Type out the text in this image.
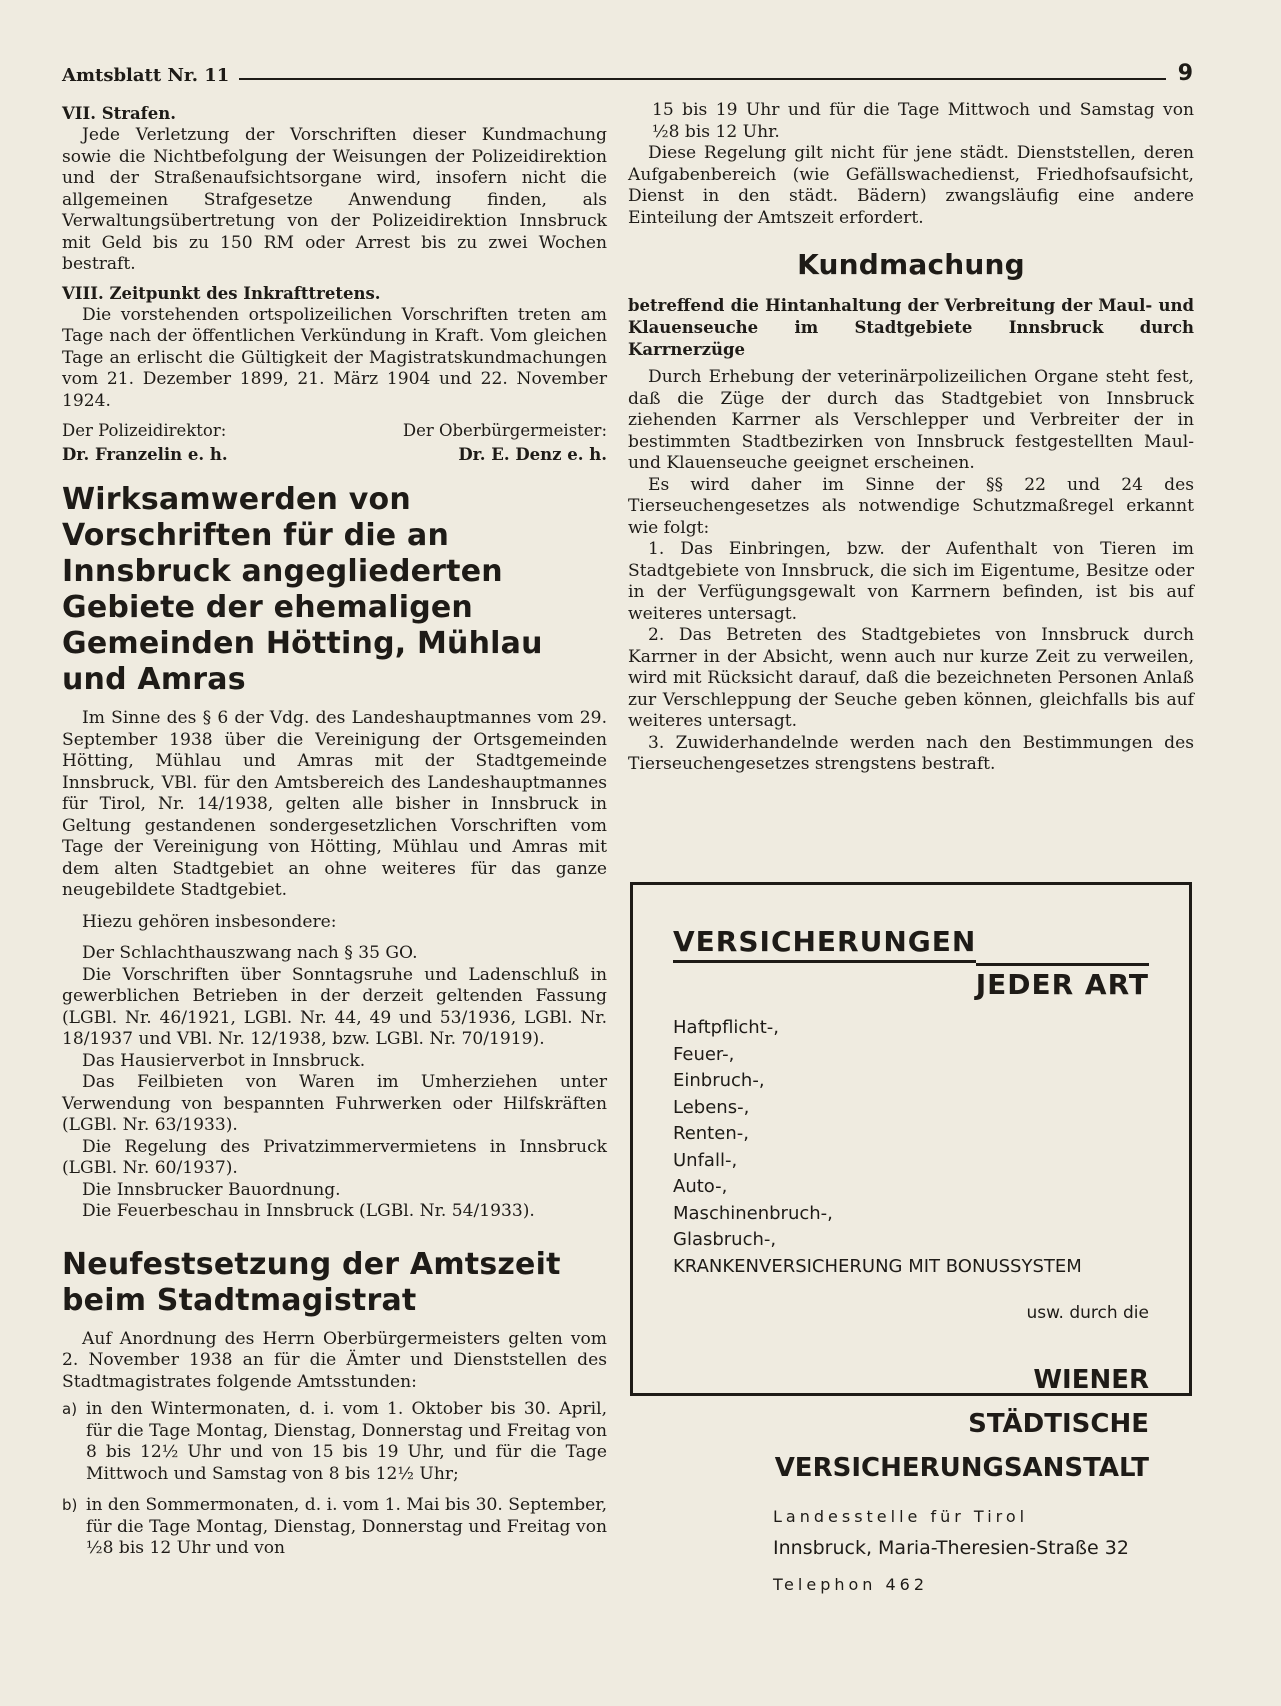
Amtsblatt Nr. 11	9
VII. Strafen.

Jede Verletzung der Vorschriften dieser Kundmachung sowie die Nichtbefolgung der Weisungen der Polizeidirektion und der Straßenaufsichtsorgane wird, insofern nicht die allgemeinen Strafgesetze Anwendung finden, als Verwaltungsübertretung von der Polizeidirektion Innsbruck mit Geld bis zu 150 RM oder Arrest bis zu zwei Wochen bestraft.

VIII. Zeitpunkt des Inkrafttretens.

Die vorstehenden ortspolizeilichen Vorschriften treten am Tage nach der öffentlichen Verkündung in Kraft. Vom gleichen Tage an erlischt die Gültigkeit der Magistratskundmachungen vom 21. Dezember 1899, 21. März 1904 und 22. November 1924.

Der Polizeidirektor:	Der Oberbürgermeister:
Dr. Franzelin e. h.	Dr. E. Denz e. h.
Wirksamwerden von Vorschriften für die an Innsbruck angegliederten Gebiete der ehemaligen Gemeinden Hötting, Mühlau und Amras

Im Sinne des § 6 der Vdg. des Landeshauptmannes vom 29. September 1938 über die Vereinigung der Ortsgemeinden Hötting, Mühlau und Amras mit der Stadtgemeinde Innsbruck, VBl. für den Amtsbereich des Landeshauptmannes für Tirol, Nr. 14/1938, gelten alle bisher in Innsbruck in Geltung gestandenen sondergesetzlichen Vorschriften vom Tage der Vereinigung von Hötting, Mühlau und Amras mit dem alten Stadtgebiet an ohne weiteres für das ganze neugebildete Stadtgebiet.

Hiezu gehören insbesondere:

Der Schlachthauszwang nach § 35 GO.
Die Vorschriften über Sonntagsruhe und Ladenschluß in gewerblichen Betrieben in der derzeit geltenden Fassung (LGBl. Nr. 46/1921, LGBl. Nr. 44, 49 und 53/1936, LGBl. Nr. 18/1937 und VBl. Nr. 12/1938, bzw. LGBl. Nr. 70/1919).
Das Hausierverbot in Innsbruck.
Das Feilbieten von Waren im Umherziehen unter Verwendung von bespannten Fuhrwerken oder Hilfskräften (LGBl. Nr. 63/1933).
Die Regelung des Privatzimmervermietens in Innsbruck (LGBl. Nr. 60/1937).
Die Innsbrucker Bauordnung.
Die Feuerbeschau in Innsbruck (LGBl. Nr. 54/1933).
Neufestsetzung der Amtszeit beim Stadtmagistrat

Auf Anordnung des Herrn Oberbürgermeisters gelten vom 2. November 1938 an für die Ämter und Dienststellen des Stadtmagistrates folgende Amtsstunden:

a) in den Wintermonaten, d. i. vom 1. Oktober bis 30. April, für die Tage Montag, Dienstag, Donnerstag und Freitag von 8 bis 12½ Uhr und von 15 bis 19 Uhr, und für die Tage Mittwoch und Samstag von 8 bis 12½ Uhr;
b) in den Sommermonaten, d. i. vom 1. Mai bis 30. September, für die Tage Montag, Dienstag, Donnerstag und Freitag von ½8 bis 12 Uhr und von

15 bis 19 Uhr und für die Tage Mittwoch und Samstag von ½8 bis 12 Uhr.

Diese Regelung gilt nicht für jene städt. Dienststellen, deren Aufgabenbereich (wie Gefällswachedienst, Friedhofsaufsicht, Dienst in den städt. Bädern) zwangsläufig eine andere Einteilung der Amtszeit erfordert.

Kundmachung
betreffend die Hintanhaltung der Verbreitung der Maul- und Klauenseuche im Stadtgebiete Innsbruck durch Karrnerzüge

Durch Erhebung der veterinärpolizeilichen Organe steht fest, daß die Züge der durch das Stadtgebiet von Innsbruck ziehenden Karrner als Verschlepper und Verbreiter der in bestimmten Stadtbezirken von Innsbruck festgestellten Maul- und Klauenseuche geeignet erscheinen.

Es wird daher im Sinne der §§ 22 und 24 des Tierseuchengesetzes als notwendige Schutzmaßregel erkannt wie folgt:

1. Das Einbringen, bzw. der Aufenthalt von Tieren im Stadtgebiete von Innsbruck, die sich im Eigentume, Besitze oder in der Verfügungsgewalt von Karrnern befinden, ist bis auf weiteres untersagt.

2. Das Betreten des Stadtgebietes von Innsbruck durch Karrner in der Absicht, wenn auch nur kurze Zeit zu verweilen, wird mit Rücksicht darauf, daß die bezeichneten Personen Anlaß zur Verschleppung der Seuche geben können, gleichfalls bis auf weiteres untersagt.

3. Zuwiderhandelnde werden nach den Bestimmungen des Tierseuchengesetzes strengstens bestraft.

VERSICHERUNGEN
JEDER ART
Haftpflicht-,
Feuer-,
Einbruch-,
Lebens-,
Renten-,
Unfall-,
Auto-,
Maschinenbruch-,
Glasbruch-,
KRANKENVERSICHERUNG MIT BONUSSYSTEM
usw. durch die
WIENER
STÄDTISCHE
VERSICHERUNGSANSTALT
Landesstelle für Tirol
Innsbruck, Maria-Theresien-Straße 32
Telephon 462
